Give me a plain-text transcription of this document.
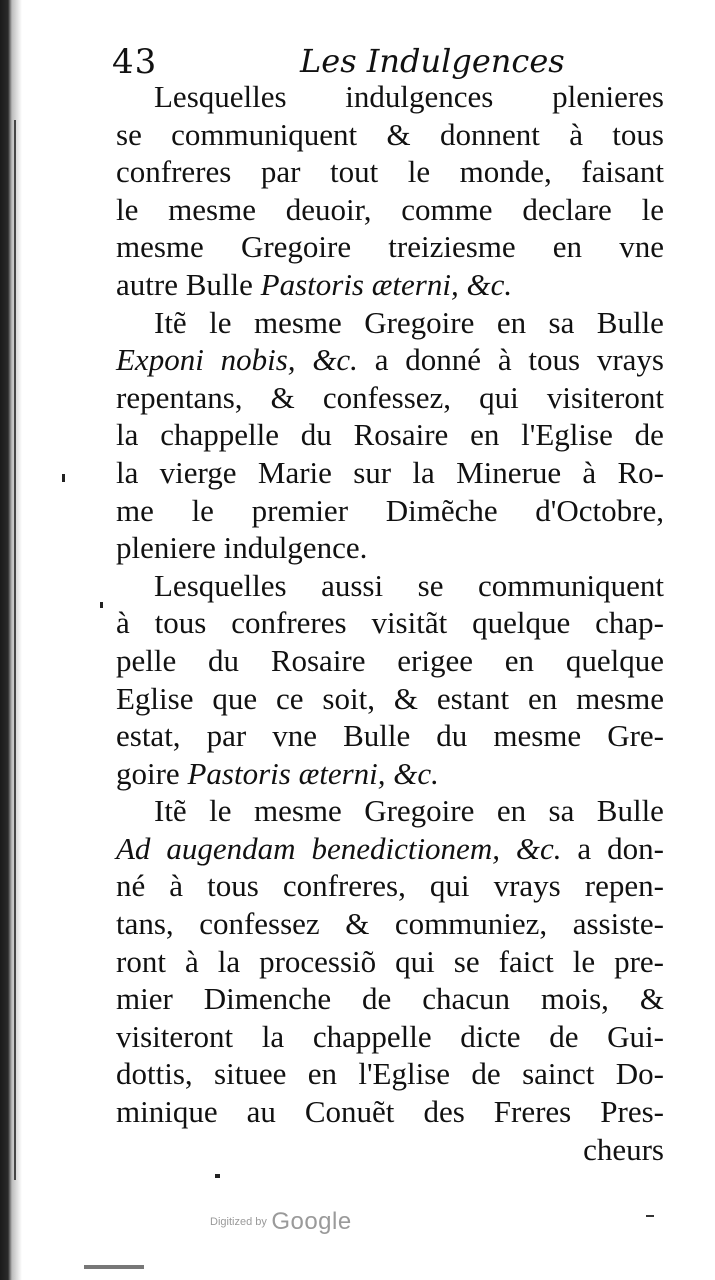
43	Les Indulgences
Lesquelles indulgences plenieres
se communiquent & donnent à tous
confreres par tout le monde, faisant
le mesme deuoir, comme declare le
mesme Gregoire treiziesme en vne
autre
Bulle
Pastoris
æterni,
&c.
Itẽ le mesme Gregoire en sa Bulle
Exponi nobis, &c. a donné à tous vrays
repentans, & confessez, qui visiteront
la chappelle du Rosaire en l'Eglise de
la vierge Marie sur la Minerue à Ro-
me le premier Dimẽche d'Octobre,
pleniere
indulgence.
Lesquelles aussi se communiquent
à tous confreres visitãt quelque chap-
pelle du Rosaire erigee en quelque
Eglise que ce soit, & estant en mesme
estat, par vne Bulle du mesme Gre-
goire
Pastoris
æterni,
&c.
Itẽ le mesme Gregoire en sa Bulle
Ad augendam benedictionem, &c. a don-
né à tous confreres, qui vrays repen-
tans, confessez & communiez, assiste-
ront à la processiõ qui se faict le pre-
mier Dimenche de chacun mois, &
visiteront la chappelle dicte de Gui-
dottis, situee en l'Eglise de sainct Do-
minique au Conuẽt des Freres Pres-
cheurs
Digitized by Google
